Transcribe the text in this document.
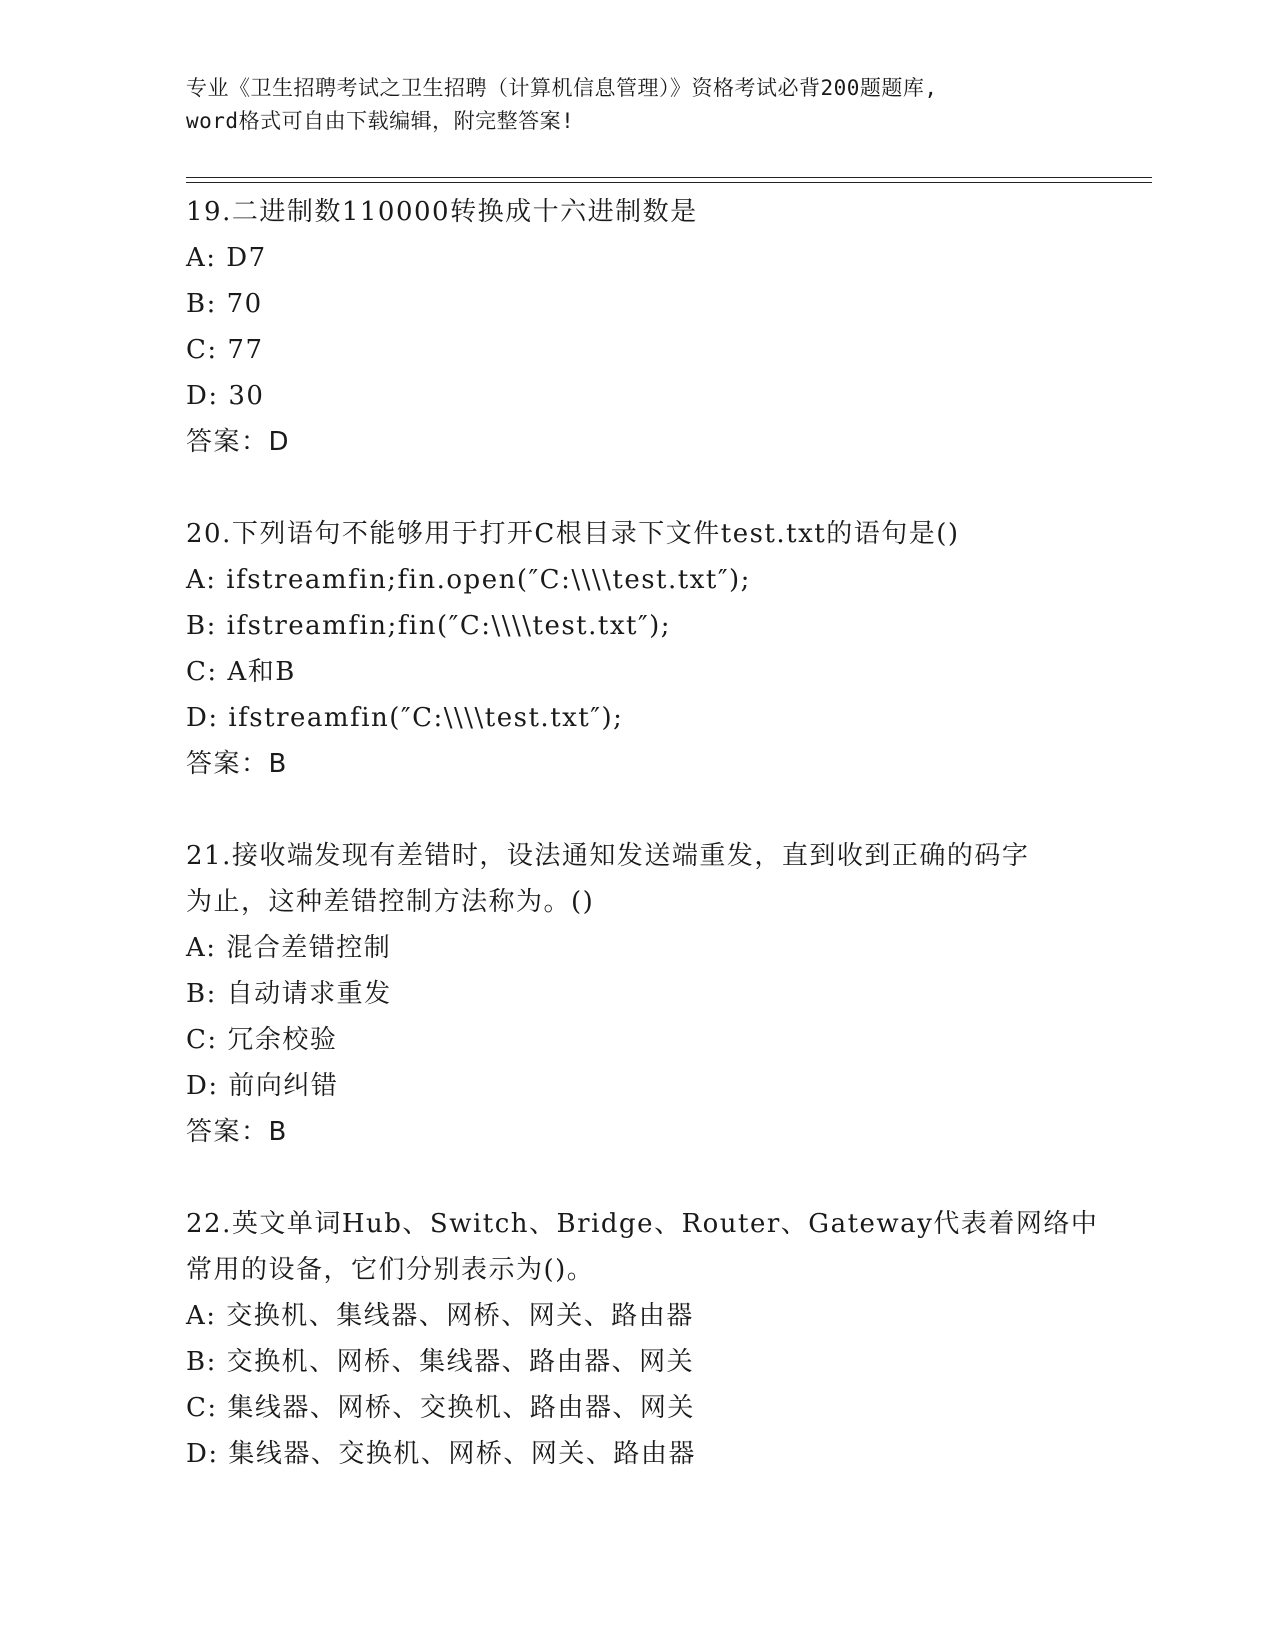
专业《卫生招聘考试之卫生招聘（计算机信息管理）》资格考试必背200题题库,
word格式可自由下载编辑，附完整答案!
19.二进制数110000转换成十六进制数是
A: D7
B: 70
C: 77
D: 30
答案：D
20.下列语句不能够用于打开C根目录下文件test.txt的语句是()
A: ifstreamfin;fin.open(″C:\\\\test.txt″);
B: ifstreamfin;fin(″C:\\\\test.txt″);
C: A和B
D: ifstreamfin(″C:\\\\test.txt″);
答案：B
21.接收端发现有差错时，设法通知发送端重发，直到收到正确的码字
为止，这种差错控制方法称为。()
A: 混合差错控制
B: 自动请求重发
C: 冗余校验
D: 前向纠错
答案：B
22.英文单词Hub、Switch、Bridge、Router、Gateway代表着网络中
常用的设备，它们分别表示为()。
A: 交换机、集线器、网桥、网关、路由器
B: 交换机、网桥、集线器、路由器、网关
C: 集线器、网桥、交换机、路由器、网关
D: 集线器、交换机、网桥、网关、路由器
